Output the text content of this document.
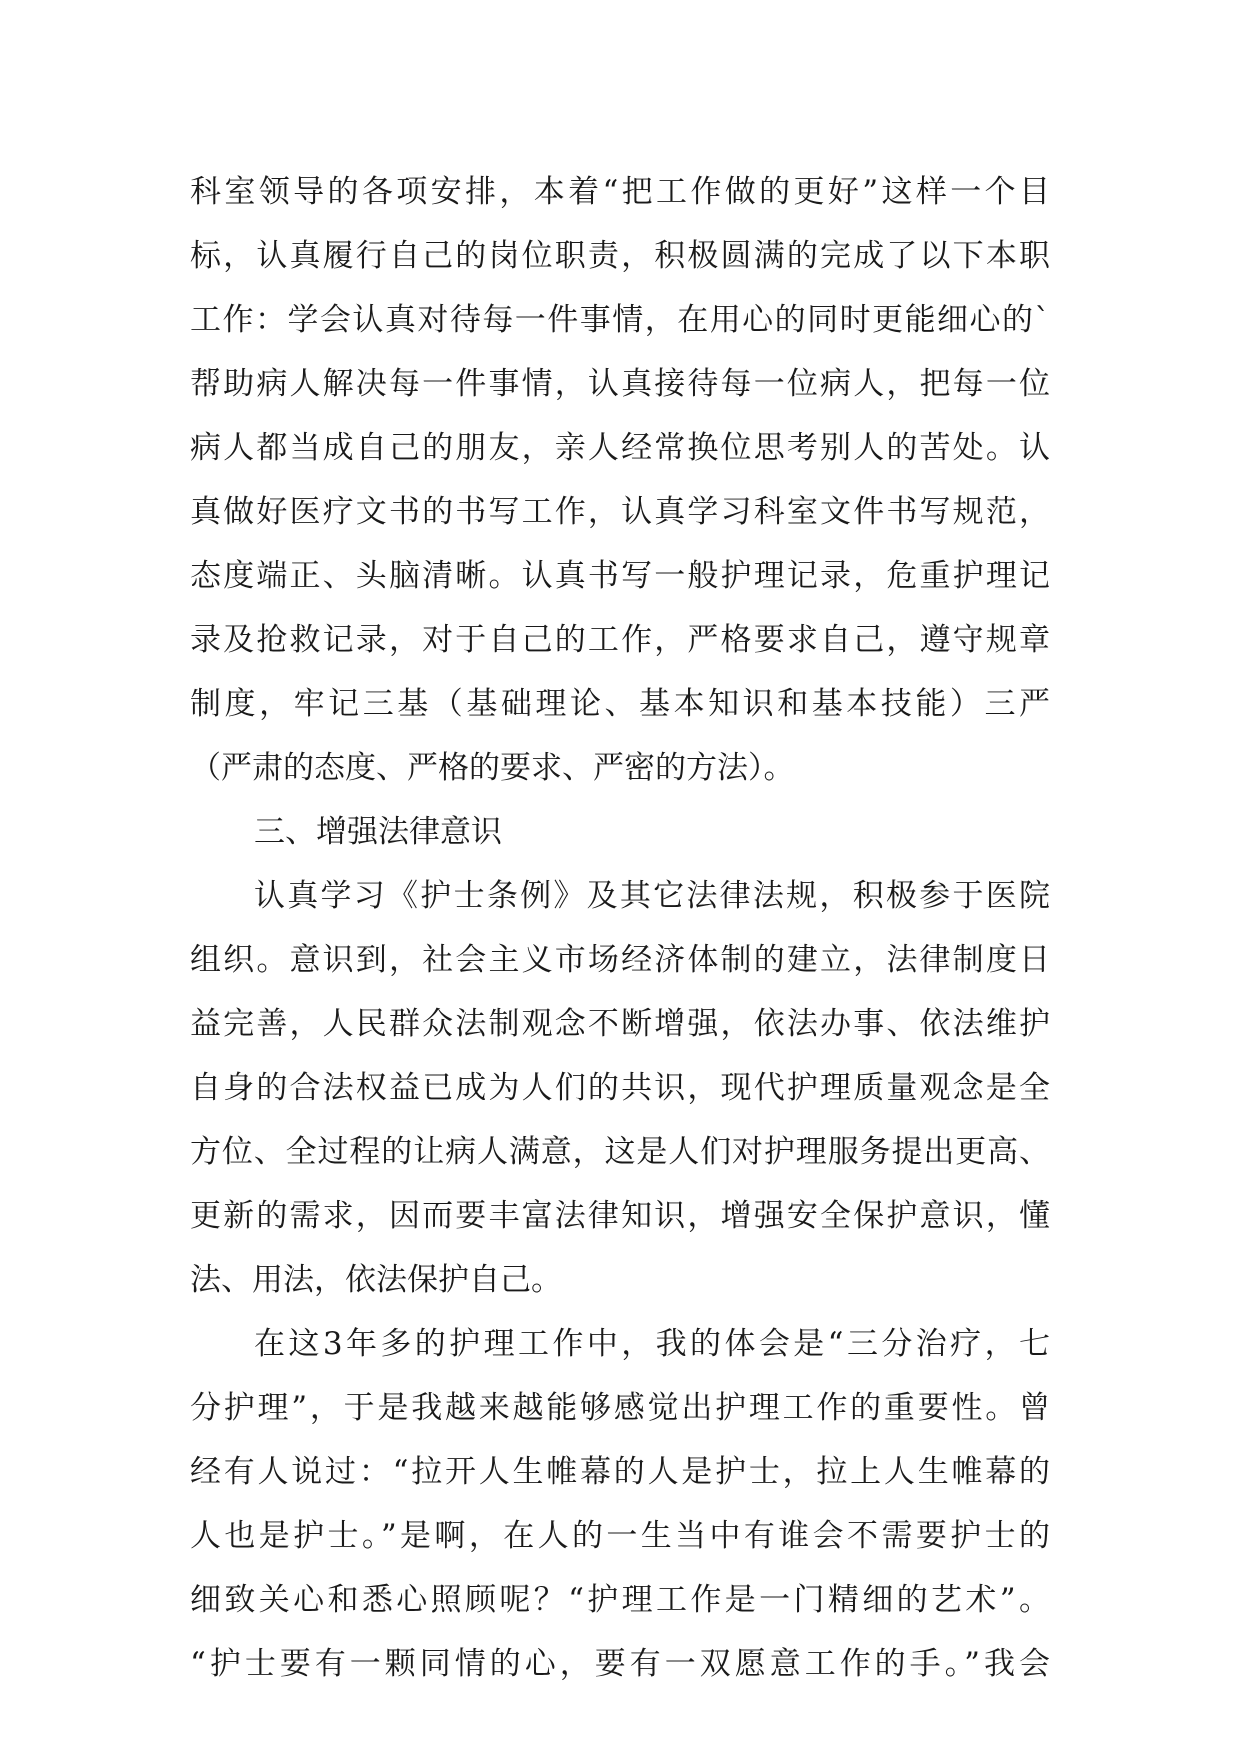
科室领导的各项安排，本着“把工作做的更好”这样一个目
标，认真履行自己的岗位职责，积极圆满的完成了以下本职
工作：学会认真对待每一件事情，在用心的同时更能细心的`
帮助病人解决每一件事情，认真接待每一位病人，把每一位
病人都当成自己的朋友，亲人经常换位思考别人的苦处。认
真做好医疗文书的书写工作，认真学习科室文件书写规范，
态度端正、头脑清晰。认真书写一般护理记录，危重护理记
录及抢救记录，对于自己的工作，严格要求自己，遵守规章
制度，牢记三基（基础理论、基本知识和基本技能）三严
（严肃的态度、严格的要求、严密的方法）。
三、增强法律意识
认真学习《护士条例》及其它法律法规，积极参于医院
组织。意识到，社会主义市场经济体制的建立，法律制度日
益完善，人民群众法制观念不断增强，依法办事、依法维护
自身的合法权益已成为人们的共识，现代护理质量观念是全
方位、全过程的让病人满意，这是人们对护理服务提出更高、
更新的需求，因而要丰富法律知识，增强安全保护意识，懂
法、用法，依法保护自己。
在这3年多的护理工作中，我的体会是“三分治疗，七
分护理”，于是我越来越能够感觉出护理工作的重要性。曾
经有人说过：“拉开人生帷幕的人是护士，拉上人生帷幕的
人也是护士。”是啊，在人的一生当中有谁会不需要护士的
细致关心和悉心照顾呢？“护理工作是一门精细的艺术”。
“护士要有一颗同情的心，要有一双愿意工作的手。”我会
